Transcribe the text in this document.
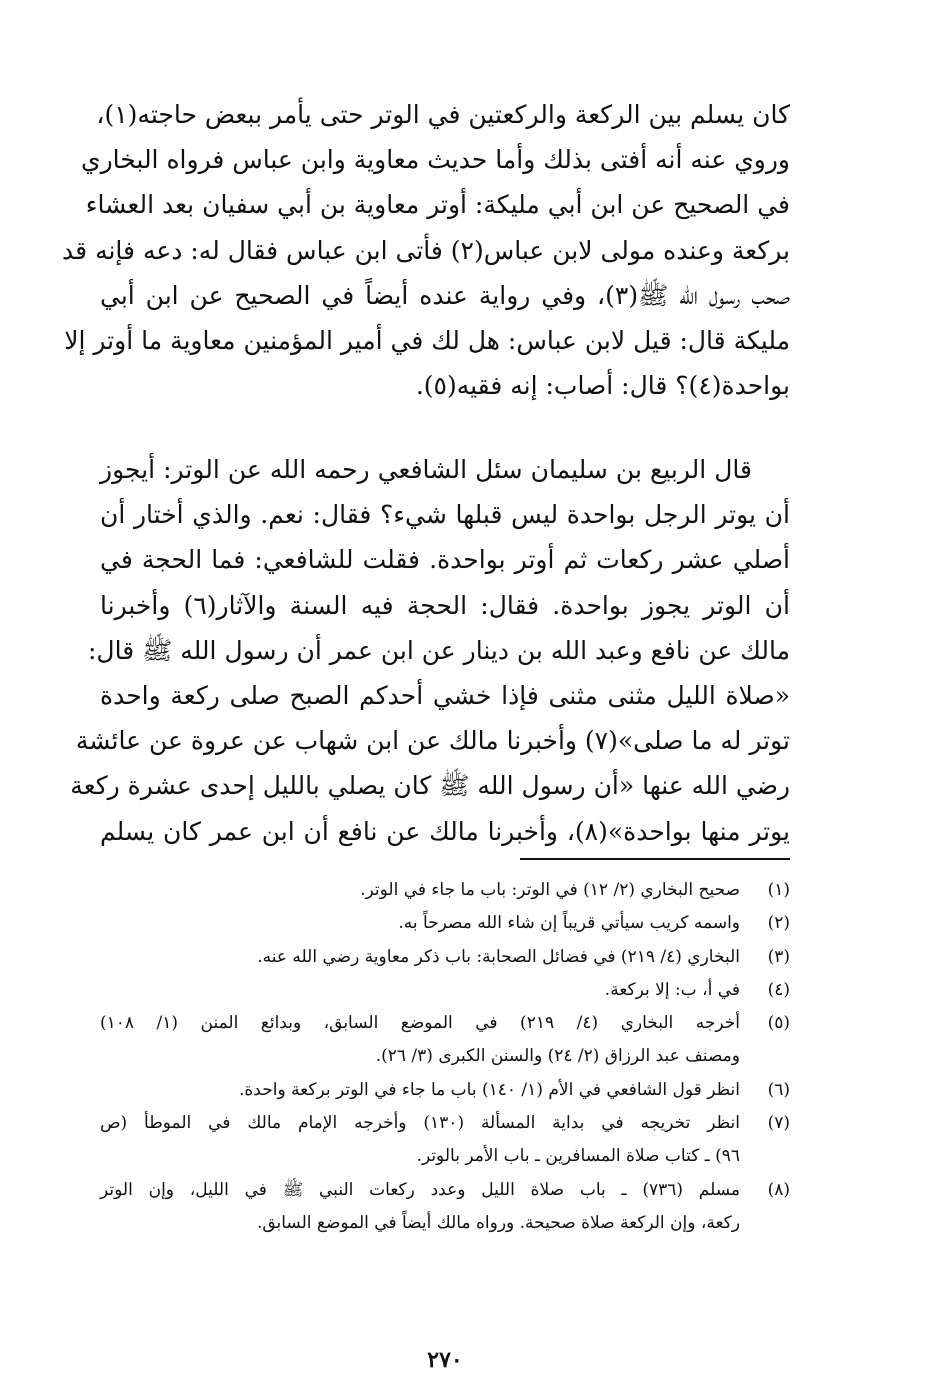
كان يسلم بين الركعة والركعتين في الوتر حتى يأمر ببعض حاجته(١)،
وروي عنه أنه أفتى بذلك وأما حديث معاوية وابن عباس فرواه البخاري
في الصحيح عن ابن أبي مليكة: أوتر معاوية بن أبي سفيان بعد العشاء
بركعة وعنده مولى لابن عباس(٢) فأتى ابن عباس فقال له: دعه فإنه قد
صحب رسول الله ﷺ(٣)، وفي رواية عنده أيضاً في الصحيح عن ابن أبي
مليكة قال: قيل لابن عباس: هل لك في أمير المؤمنين معاوية ما أوتر إلا
بواحدة(٤)؟ قال: أصاب: إنه فقيه(٥).
قال الربيع بن سليمان سئل الشافعي رحمه الله عن الوتر: أيجوز
أن يوتر الرجل بواحدة ليس قبلها شيء؟ فقال: نعم. والذي أختار أن
أصلي عشر ركعات ثم أوتر بواحدة. فقلت للشافعي: فما الحجة في
أن الوتر يجوز بواحدة. فقال: الحجة فيه السنة والآثار(٦) وأخبرنا
مالك عن نافع وعبد الله بن دينار عن ابن عمر أن رسول الله ﷺ قال:
«صلاة الليل مثنى مثنى فإذا خشي أحدكم الصبح صلى ركعة واحدة
توتر له ما صلى»(٧) وأخبرنا مالك عن ابن شهاب عن عروة عن عائشة
رضي الله عنها «أن رسول الله ﷺ كان يصلي بالليل إحدى عشرة ركعة
يوتر منها بواحدة»(٨)، وأخبرنا مالك عن نافع أن ابن عمر كان يسلم
(١)
صحيح البخاري (٢/ ١٢) في الوتر: باب ما جاء في الوتر.
(٢)
واسمه كريب سيأتي قريباً إن شاء الله مصرحاً به.
(٣)
البخاري (٤/ ٢١٩) في فضائل الصحابة: باب ذكر معاوية رضي الله عنه.
(٤)
في أ، ب: إلا بركعة.
(٥)
أخرجه البخاري (٤/ ٢١٩) في الموضع السابق، وبدائع المنن (١/ ١٠٨)
ومصنف عبد الرزاق (٢/ ٢٤) والسنن الكبرى (٣/ ٢٦).
(٦)
انظر قول الشافعي في الأم (١/ ١٤٠) باب ما جاء في الوتر بركعة واحدة.
(٧)
انظر تخريجه في بداية المسألة (١٣٠) وأخرجه الإمام مالك في الموطأ (ص
٩٦) ـ كتاب صلاة المسافرين ـ باب الأمر بالوتر.
(٨)
مسلم (٧٣٦) ـ باب صلاة الليل وعدد ركعات النبي ﷺ في الليل، وإن الوتر
ركعة، وإن الركعة صلاة صحيحة. ورواه مالك أيضاً في الموضع السابق.
٢٧٠
